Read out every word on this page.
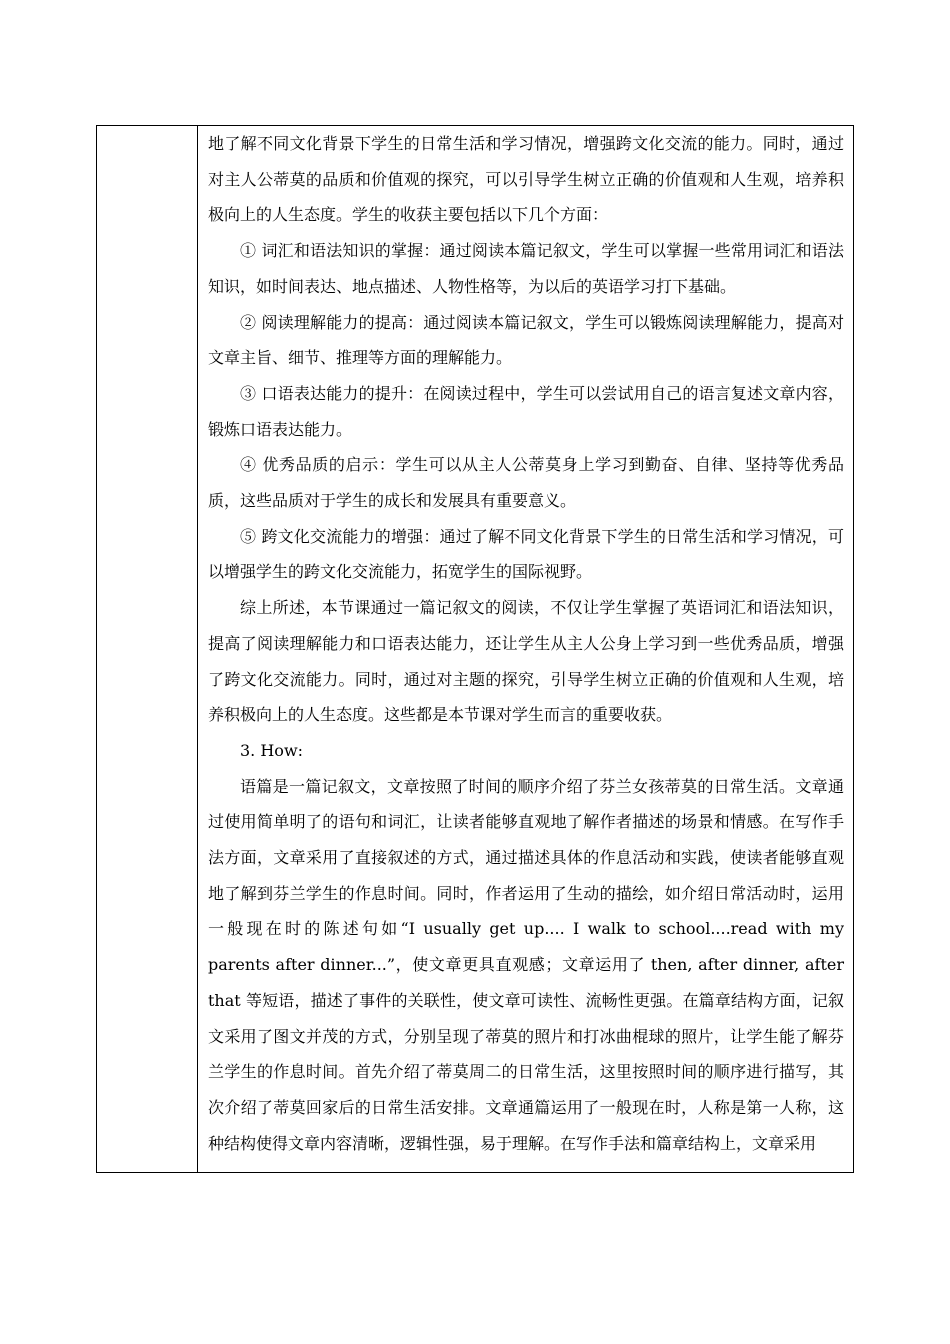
地了解不同文化背景下学生的日常生活和学习情况，增强跨文化交流的能力。同时，通过对主人公蒂莫的品质和价值观的探究，可以引导学生树立正确的价值观和人生观，培养积极向上的人生态度。学生的收获主要包括以下几个方面：

① 词汇和语法知识的掌握：通过阅读本篇记叙文，学生可以掌握一些常用词汇和语法知识，如时间表达、地点描述、人物性格等，为以后的英语学习打下基础。

② 阅读理解能力的提高：通过阅读本篇记叙文，学生可以锻炼阅读理解能力，提高对文章主旨、细节、推理等方面的理解能力。

③ 口语表达能力的提升：在阅读过程中，学生可以尝试用自己的语言复述文章内容，锻炼口语表达能力。

④ 优秀品质的启示：学生可以从主人公蒂莫身上学习到勤奋、自律、坚持等优秀品质，这些品质对于学生的成长和发展具有重要意义。

⑤ 跨文化交流能力的增强：通过了解不同文化背景下学生的日常生活和学习情况，可以增强学生的跨文化交流能力，拓宽学生的国际视野。

综上所述，本节课通过一篇记叙文的阅读，不仅让学生掌握了英语词汇和语法知识，提高了阅读理解能力和口语表达能力，还让学生从主人公身上学习到一些优秀品质，增强了跨文化交流能力。同时，通过对主题的探究，引导学生树立正确的价值观和人生观，培养积极向上的人生态度。这些都是本节课对学生而言的重要收获。

3. How:

语篇是一篇记叙文，文章按照了时间的顺序介绍了芬兰女孩蒂莫的日常生活。文章通过使用简单明了的语句和词汇，让读者能够直观地了解作者描述的场景和情感。在写作手法方面，文章采用了直接叙述的方式，通过描述具体的作息活动和实践，使读者能够直观地了解到芬兰学生的作息时间。同时，作者运用了生动的描绘，如介绍日常活动时，运用一般现在时的陈述句如“I usually get up.... I walk to school....read with my parents after dinner...”，使文章更具直观感；文章运用了 then, after dinner, after that 等短语，描述了事件的关联性，使文章可读性、流畅性更强。在篇章结构方面，记叙文采用了图文并茂的方式，分别呈现了蒂莫的照片和打冰曲棍球的照片，让学生能了解芬兰学生的作息时间。首先介绍了蒂莫周二的日常生活，这里按照时间的顺序进行描写，其次介绍了蒂莫回家后的日常生活安排。文章通篇运用了一般现在时，人称是第一人称，这种结构使得文章内容清晰，逻辑性强，易于理解。在写作手法和篇章结构上，文章采用
